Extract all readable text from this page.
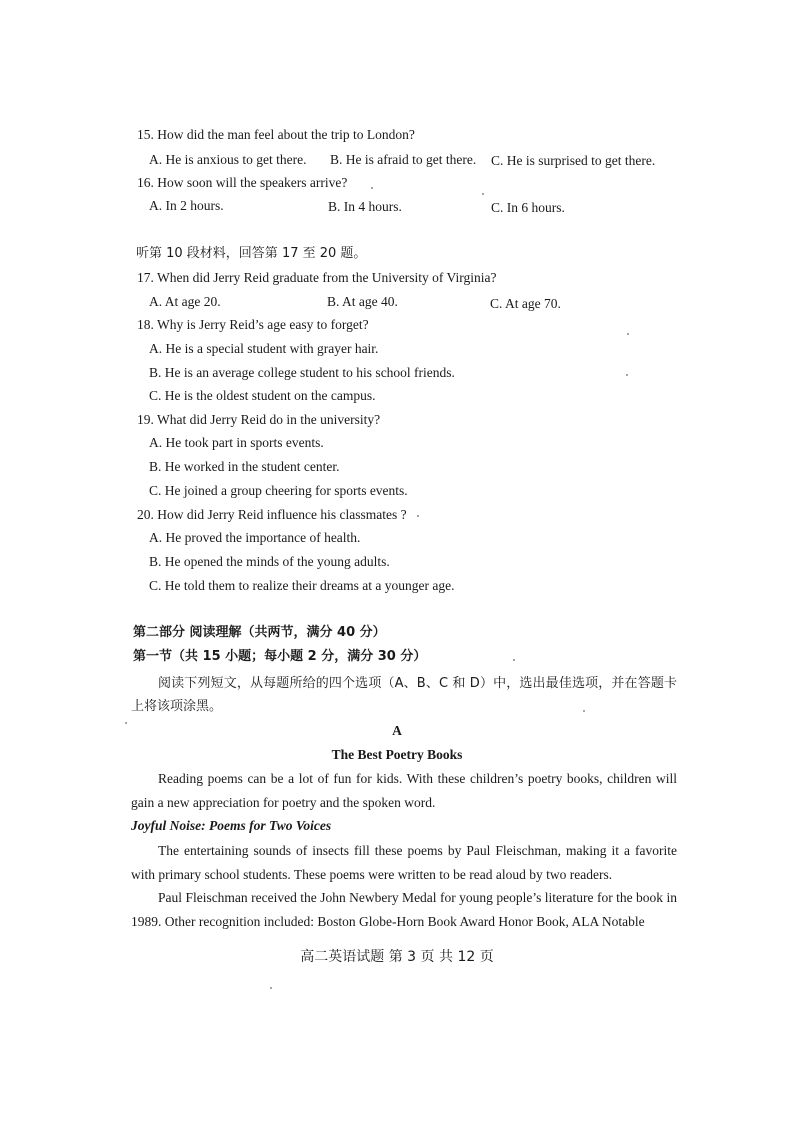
15. How did the man feel about the trip to London?
A. He is anxious to get there. B. He is afraid to get there. C. He is surprised to get there.
16. How soon will the speakers arrive?
A. In 2 hours.	B. In 4 hours.	C. In 6 hours.
听第 10 段材料，回答第 17 至 20 题。
17. When did Jerry Reid graduate from the University of Virginia?
A. At age 20.	B. At age 40.	C. At age 70.
18. Why is Jerry Reid’s age easy to forget?
A. He is a special student with grayer hair.
B. He is an average college student to his school friends.
C. He is the oldest student on the campus.
19. What did Jerry Reid do in the university?
A. He took part in sports events.
B. He worked in the student center.
C. He joined a group cheering for sports events.
20. How did Jerry Reid influence his classmates ?
A. He proved the importance of health.
B. He opened the minds of the young adults.
C. He told them to realize their dreams at a younger age.
第二部分 阅读理解（共两节，满分 40 分）
第一节（共 15 小题；每小题 2 分，满分 30 分）
阅读下列短文，从每题所给的四个选项（A、B、C 和 D）中，选出最佳选项，并在答题卡上将该项涂黑。
A
The Best Poetry Books
Reading poems can be a lot of fun for kids. With these children’s poetry books, children will gain a new appreciation for poetry and the spoken word.
Joyful Noise: Poems for Two Voices
The entertaining sounds of insects fill these poems by Paul Fleischman, making it a favorite with primary school students. These poems were written to be read aloud by two readers.
Paul Fleischman received the John Newbery Medal for young people’s literature for the book in 1989. Other recognition included: Boston Globe-Horn Book Award Honor Book, ALA Notable
高二英语试题 第 3 页 共 12 页
